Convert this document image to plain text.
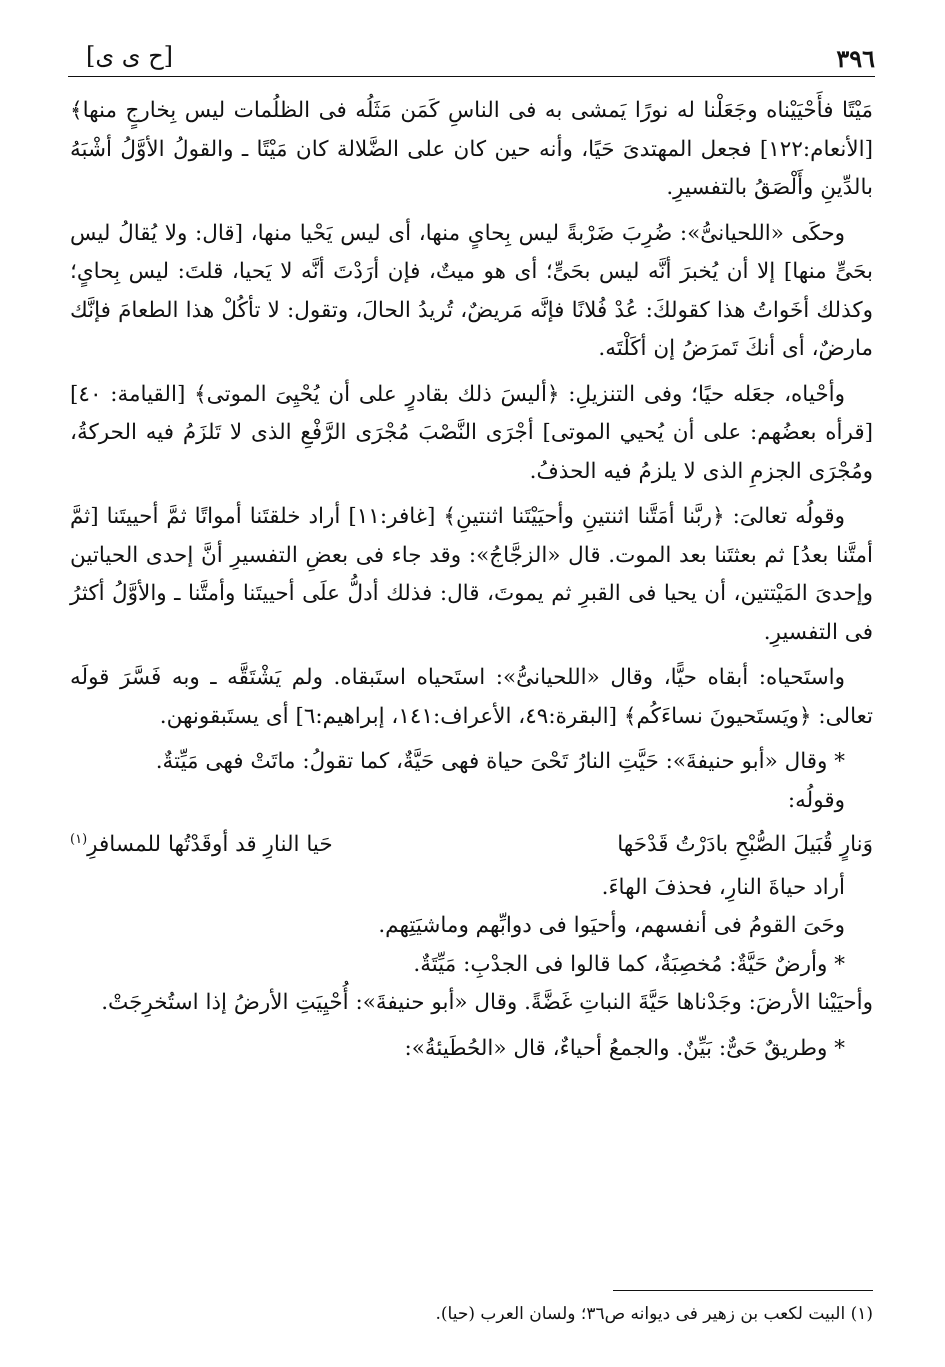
٣٩٦
[ح ى ى]

مَيْتًا فأَحْيَيْناه وجَعَلْنا له نورًا يَمشى به فى الناسِ كَمَن مَثَلُه فى الظلُمات ليس بِخارجٍ منها﴾ [الأنعام:١٢٢] فجعل المهتدىَ حَيًا، وأنه حين كان على الضَّلالة كان مَيْتًا ـ والقولُ الأوَّلُ أشْبَهُ بالدِّينِ وأَلْصَقُ بالتفسيرِ.

وحكَى «اللحيانىُّ»: ضُرِبَ ضَرْبةً ليس بِحاىٍ منها، أى ليس يَحْيا منها، [قال: ولا يُقالُ ليس بحَىٍّ منها] إلا أن يُخبرَ أنَّه ليس بحَىٍّ؛ أى هو ميتٌ، فإن أرَدْتَ أنَّه لا يَحيا، قلتَ: ليس بِحاىٍ؛ وكذلك أخَواتُ هذا كقولكَ: عُدْ فُلانًا فإنَّه مَريضٌ، تُريدُ الحالَ، وتقول: لا تأكُلْ هذا الطعامَ فإنَّك مارضٌ، أى أنكَ تَمرَضُ إن أكَلْتَه.

وأحْياه، جعَله حيًا؛ وفى التنزيلِ: ﴿أليسَ ذلك بقادرٍ على أن يُحْيِىَ الموتى﴾ [القيامة: ٤٠] [قرأه بعضُهم: على أن يُحيي الموتى] أجْرَى النَّصْبَ مُجْرَى الرَّفْعِ الذى لا تَلزَمُ فيه الحركةُ، ومُجْرَى الجزمِ الذى لا يلزمُ فيه الحذفُ.

وقولُه تعالىَ: ﴿ربَّنا أمَتَّنا اثنتينِ وأحيَيْتَنا اثنتينِ﴾ [غافر:١١] أراد خلقتَنا أمواتًا ثمَّ أحييتَنا [ثمَّ أمتَّنا بعدُ] ثم بعثتَنا بعد الموت. قال «الزجَّاجُ»: وقد جاء فى بعضِ التفسيرِ أنَّ إحدى الحياتين وإحدىَ المَيْتتين، أن يحيا فى القبرِ ثم يموتَ، قال: فذلك أدلُّ علَى أحييتَنا وأمتَّنا ـ والأوَّلُ أكثرُ فى التفسيرِ.

واستَحياه: أبقاه حيًّا، وقال «اللحيانىُّ»: استَحياه استَبقاه. ولم يَشْتَقَّه ـ وبه فَسَّرَ قولَه تعالى: ﴿ويَستَحيونَ نساءَكُم﴾ [البقرة:٤٩، الأعراف:١٤١، إبراهيم:٦] أى يستَبقونهن.

* وقال «أبو حنيفةَ»: حَيَّتِ النارُ تَحْىَ حياة فهى حَيَّةٌ، كما تقولُ: ماتَتْ فهى مَيِّتةٌ.

وقولُه:

وَنارٍ قُبَيلَ الصُّبْحِ بادَرْتُ قَدْحَها
حَيا النارِ قد أوقَدْتُها للمسافرِ(١)

أراد حياةَ النارِ، فحذفَ الهاءَ.

وحَىَ القومُ فى أنفسهم، وأحيَوا فى دوابِّهم وماشيَتِهم.

* وأرضٌ حَيَّةٌ: مُخصِبَةٌ، كما قالوا فى الجدْبِ: مَيِّتَةٌ.

وأحيَيْنا الأرضَ: وجَدْناها حَيَّةَ النباتِ غَضَّةً. وقال «أبو حنيفةَ»: أُحْيِيَتِ الأرضُ إذا استُخرِجَتْ.

* وطريقٌ حَىٌّ: بَيِّنٌ. والجمعُ أحياءٌ، قال «الحُطَيئةُ»:

(١) البيت لكعب بن زهير فى ديوانه ص٣٦؛ ولسان العرب (حيا).
